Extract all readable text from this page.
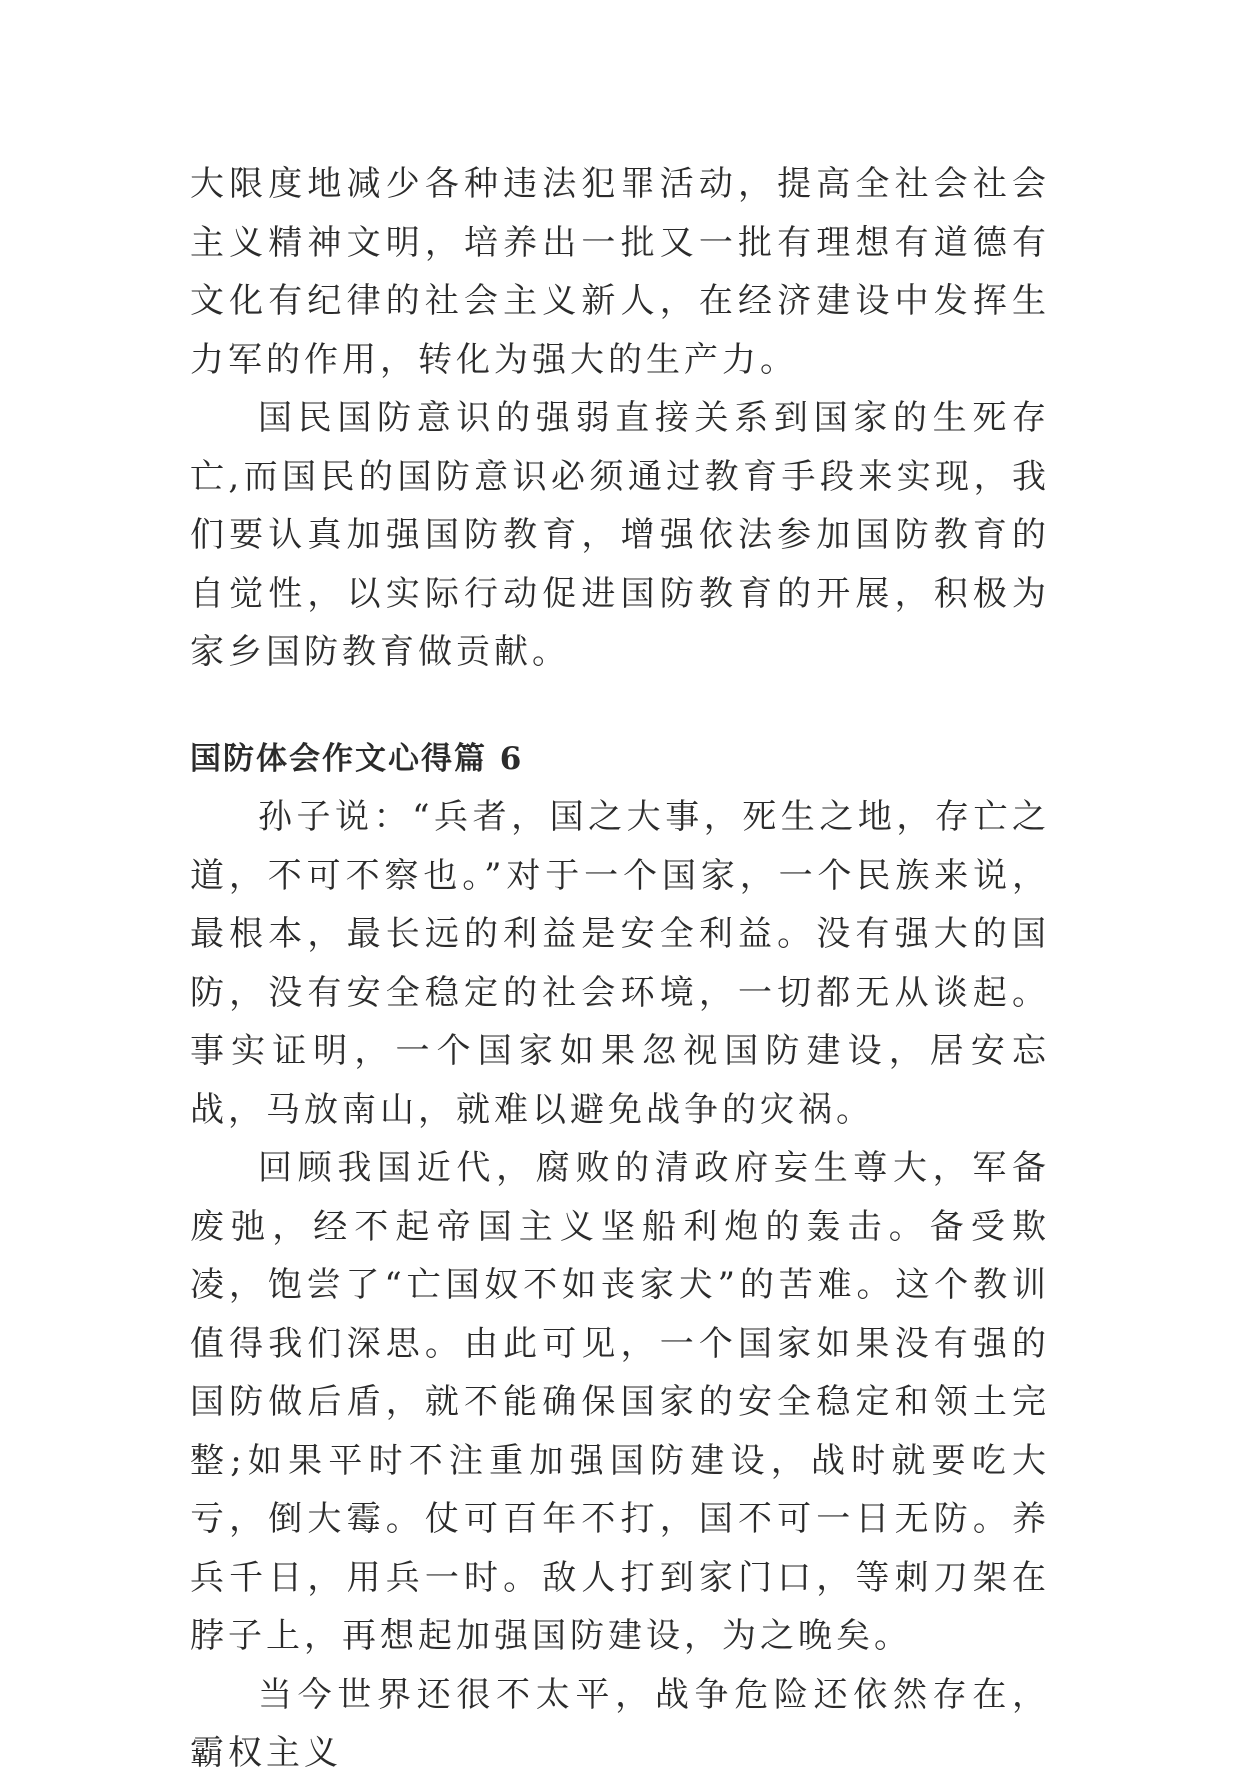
大限度地减少各种违法犯罪活动，提高全社会社会主义精神文明，培养出一批又一批有理想有道德有文化有纪律的社会主义新人，在经济建设中发挥生力军的作用，转化为强大的生产力。

国民国防意识的强弱直接关系到国家的生死存亡,而国民的国防意识必须通过教育手段来实现，我们要认真加强国防教育，增强依法参加国防教育的自觉性，以实际行动促进国防教育的开展，积极为家乡国防教育做贡献。

国防体会作文心得篇 6

孙子说：“兵者，国之大事，死生之地，存亡之道，不可不察也。”对于一个国家，一个民族来说，最根本，最长远的利益是安全利益。没有强大的国防，没有安全稳定的社会环境，一切都无从谈起。事实证明，一个国家如果忽视国防建设，居安忘战，马放南山，就难以避免战争的灾祸。

回顾我国近代，腐败的清政府妄生尊大，军备废弛，经不起帝国主义坚船利炮的轰击。备受欺凌，饱尝了“亡国奴不如丧家犬”的苦难。这个教训值得我们深思。由此可见，一个国家如果没有强的国防做后盾，就不能确保国家的安全稳定和领土完整;如果平时不注重加强国防建设，战时就要吃大亏，倒大霉。仗可百年不打，国不可一日无防。养兵千日，用兵一时。敌人打到家门口，等刺刀架在脖子上，再想起加强国防建设，为之晚矣。

当今世界还很不太平，战争危险还依然存在，霸权主义
